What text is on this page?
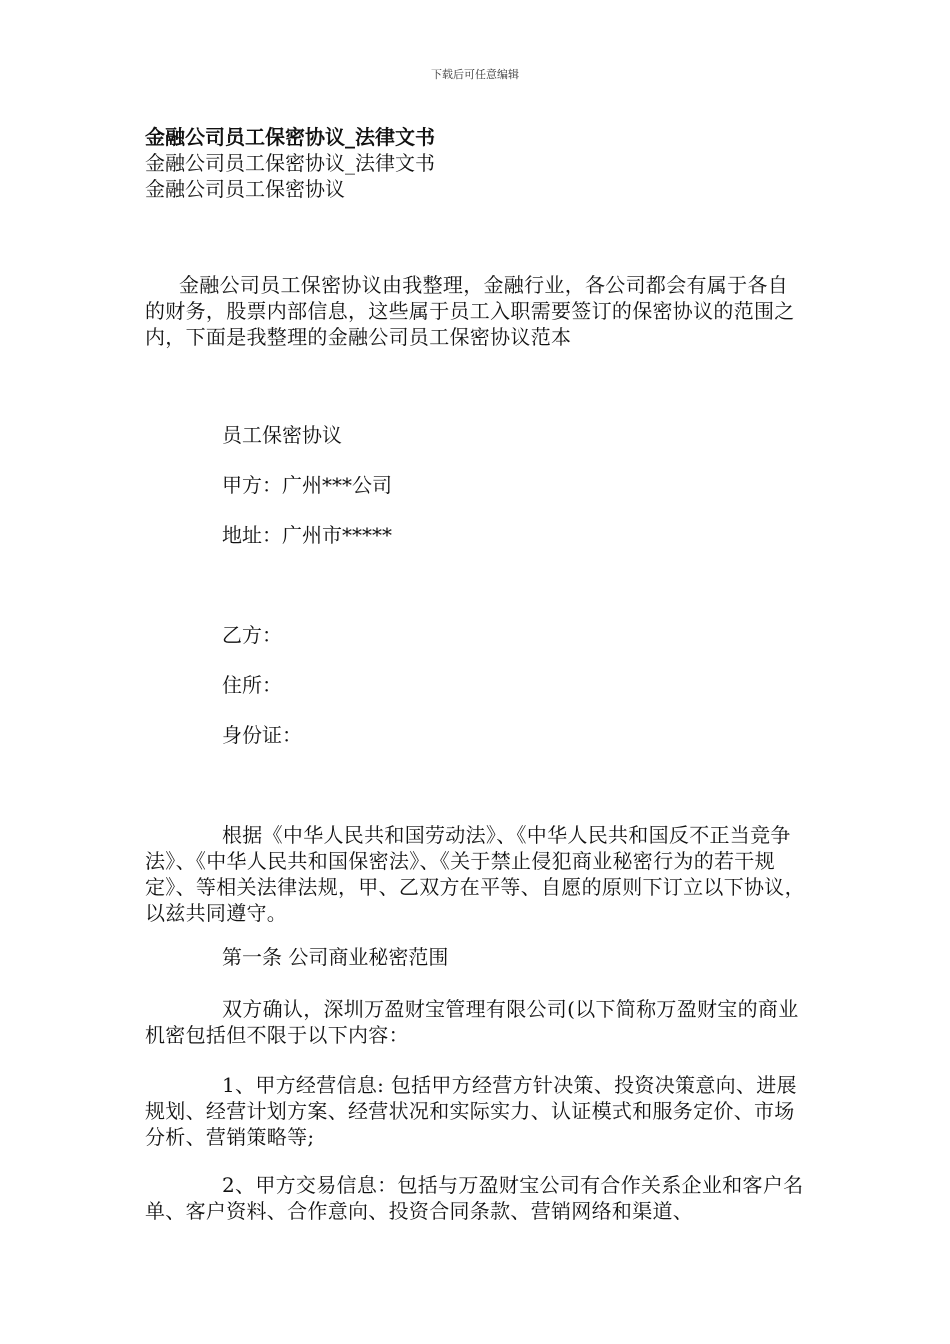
下载后可任意编辑
金融公司员工保密协议_法律文书
金融公司员工保密协议_法律文书
金融公司员工保密协议
金融公司员工保密协议由我整理，金融行业，各公司都会有属于各自的财务，股票内部信息，这些属于员工入职需要签订的保密协议的范围之内，下面是我整理的金融公司员工保密协议范本
员工保密协议
甲方：广州***公司
地址：广州市*****
乙方：
住所：
身份证：
根据《中华人民共和国劳动法》、《中华人民共和国反不正当竞争法》、《中华人民共和国保密法》、《关于禁止侵犯商业秘密行为的若干规定》、等相关法律法规，甲、乙双方在平等、自愿的原则下订立以下协议，以兹共同遵守。
第一条 公司商业秘密范围
双方确认，深圳万盈财宝管理有限公司(以下简称万盈财宝的商业机密包括但不限于以下内容：
1、甲方经营信息: 包括甲方经营方针决策、投资决策意向、进展规划、经营计划方案、经营状况和实际实力、认证模式和服务定价、市场分析、营销策略等;
2、甲方交易信息：包括与万盈财宝公司有合作关系企业和客户名单、客户资料、合作意向、投资合同条款、营销网络和渠道、
